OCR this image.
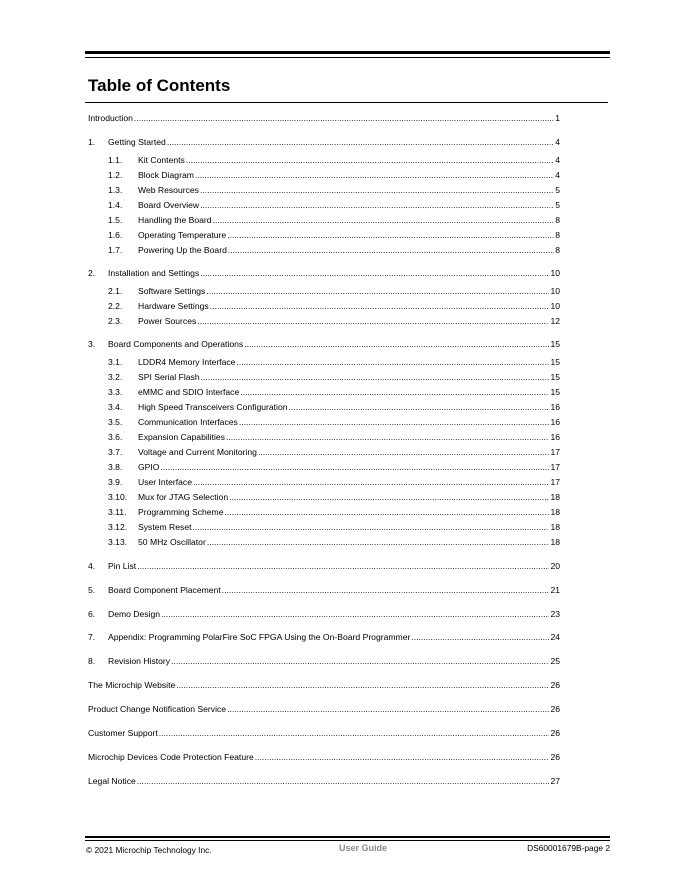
Table of Contents
Introduction .....	1
1.	Getting Started .....	4
1.1.	Kit Contents .....	4
1.2.	Block Diagram .....	4
1.3.	Web Resources .....	5
1.4.	Board Overview .....	5
1.5.	Handling the Board .....	8
1.6.	Operating Temperature .....	8
1.7.	Powering Up the Board .....	8
2.	Installation and Settings .....	10
2.1.	Software Settings .....	10
2.2.	Hardware Settings .....	10
2.3.	Power Sources .....	12
3.	Board Components and Operations .....	15
3.1.	LDDR4 Memory Interface .....	15
3.2.	SPI Serial Flash .....	15
3.3.	eMMC and SDIO Interface .....	15
3.4.	High Speed Transceivers Configuration .....	16
3.5.	Communication Interfaces .....	16
3.6.	Expansion Capabilities .....	16
3.7.	Voltage and Current Monitoring .....	17
3.8.	GPIO .....	17
3.9.	User Interface .....	17
3.10.	Mux for JTAG Selection .....	18
3.11.	Programming Scheme .....	18
3.12.	System Reset .....	18
3.13.	50 MHz Oscillator .....	18
4.	Pin List .....	20
5.	Board Component Placement .....	21
6.	Demo Design .....	23
7.	Appendix: Programming PolarFire SoC FPGA Using the On-Board Programmer .....	24
8.	Revision History .....	25
The Microchip Website .....	26
Product Change Notification Service .....	26
Customer Support .....	26
Microchip Devices Code Protection Feature .....	26
Legal Notice .....	27
© 2021 Microchip Technology Inc.	User Guide	DS60001679B-page 2
